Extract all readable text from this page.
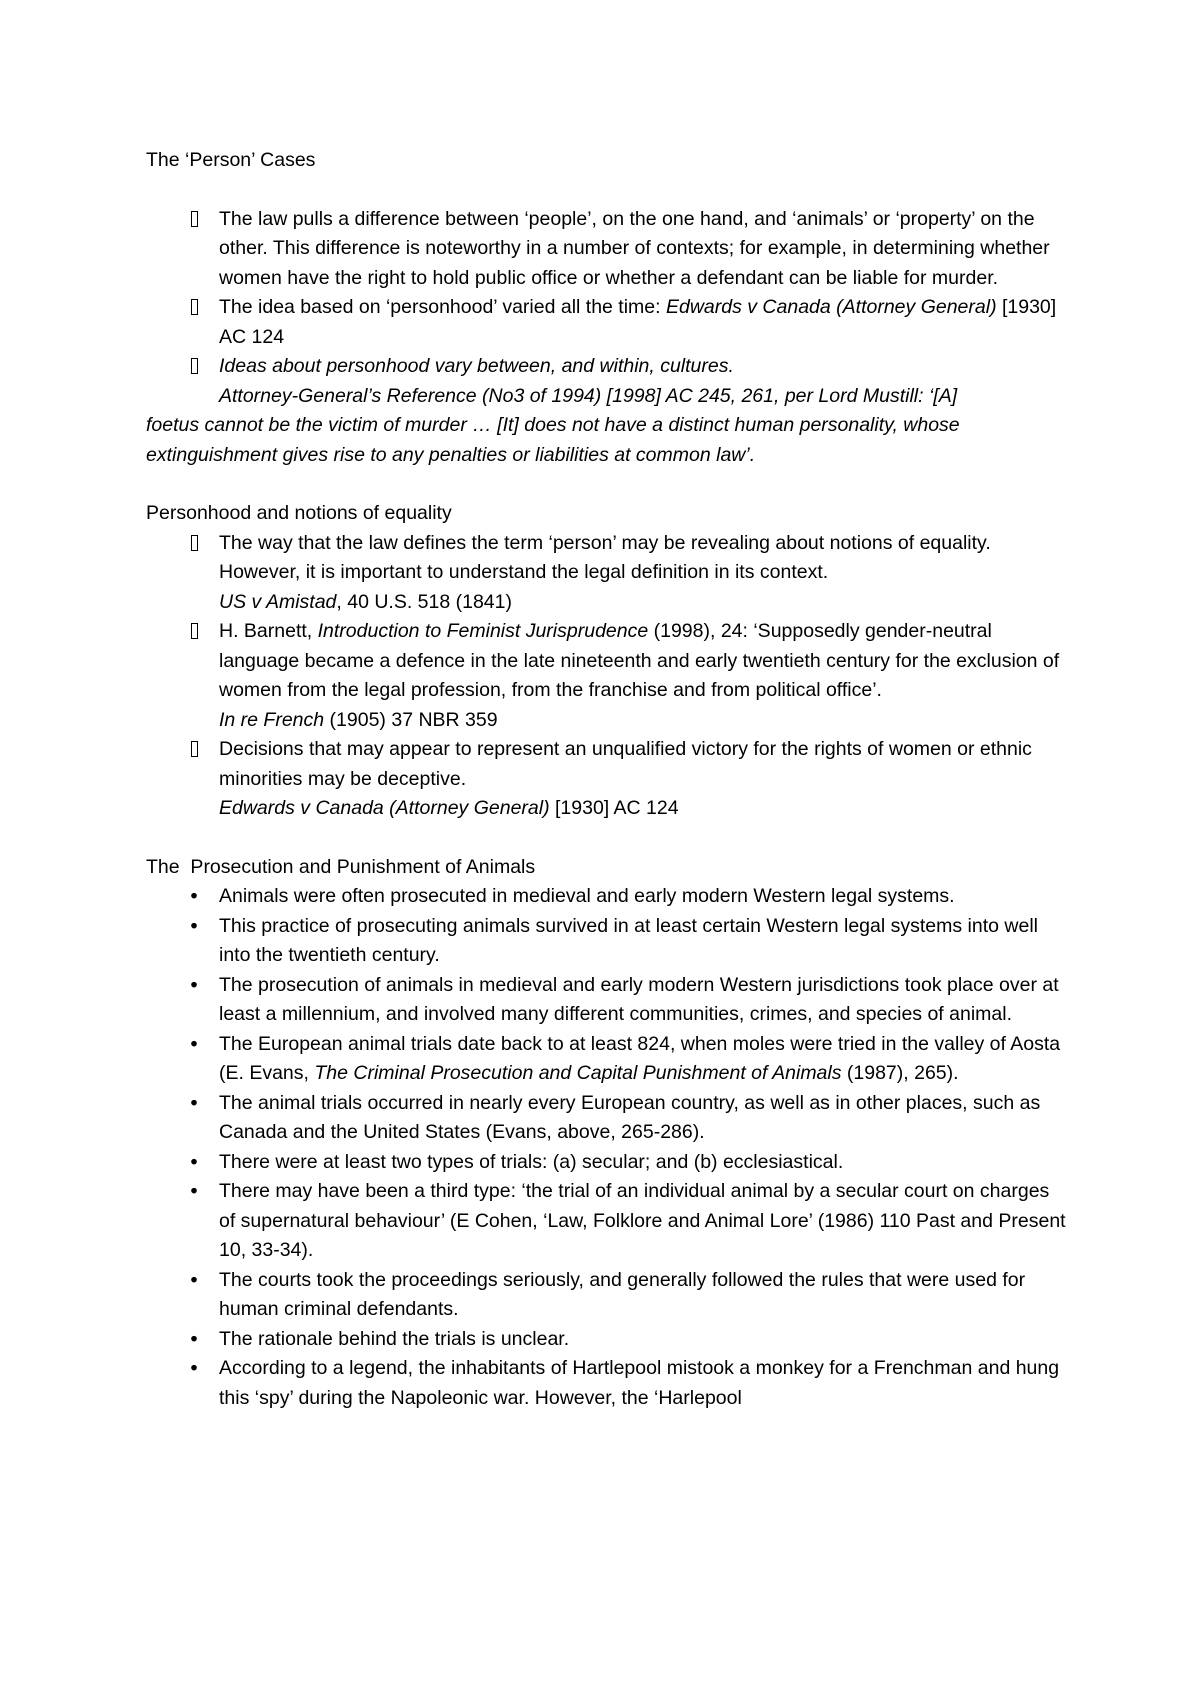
The ‘Person’ Cases

The law pulls a difference between ‘people’, on the one hand, and ‘animals’ or ‘property’ on the other. This difference is noteworthy in a number of contexts; for example, in determining whether women have the right to hold public office or whether a defendant can be liable for murder.
The idea based on ‘personhood’ varied all the time: Edwards v Canada (Attorney General) [1930] AC 124
Ideas about personhood vary between, and within, cultures.

Attorney-General’s Reference (No3 of 1994) [1998] AC 245, 261, per Lord Mustill: ‘[A]

foetus cannot be the victim of murder … [It] does not have a distinct human personality, whose extinguishment gives rise to any penalties or liabilities at common law’.

Personhood and notions of equality

The way that the law defines the term ‘person’ may be revealing about notions of equality. However, it is important to understand the legal definition in its context.
US v Amistad, 40 U.S. 518 (1841)
H. Barnett, Introduction to Feminist Jurisprudence (1998), 24: ‘Supposedly gender-neutral language became a defence in the late nineteenth and early twentieth century for the exclusion of women from the legal profession, from the franchise and from political office’.
In re French (1905) 37 NBR 359
Decisions that may appear to represent an unqualified victory for the rights of women or ethnic minorities may be deceptive.
Edwards v Canada (Attorney General) [1930] AC 124

The  Prosecution and Punishment of Animals

• Animals were often prosecuted in medieval and early modern Western legal systems.
• This practice of prosecuting animals survived in at least certain Western legal systems into well into the twentieth century.
• The prosecution of animals in medieval and early modern Western jurisdictions took place over at least a millennium, and involved many different communities, crimes, and species of animal.
• The European animal trials date back to at least 824, when moles were tried in the valley of Aosta (E. Evans, The Criminal Prosecution and Capital Punishment of Animals (1987), 265).
• The animal trials occurred in nearly every European country, as well as in other places, such as Canada and the United States (Evans, above, 265-286).
• There were at least two types of trials: (a) secular; and (b) ecclesiastical.
• There may have been a third type: ‘the trial of an individual animal by a secular court on charges of supernatural behaviour’ (E Cohen, ‘Law, Folklore and Animal Lore’ (1986) 110 Past and Present 10, 33-34).
• The courts took the proceedings seriously, and generally followed the rules that were used for human criminal defendants.
• The rationale behind the trials is unclear.
• According to a legend, the inhabitants of Hartlepool mistook a monkey for a Frenchman and hung this ‘spy’ during the Napoleonic war. However, the ‘Harlepool
